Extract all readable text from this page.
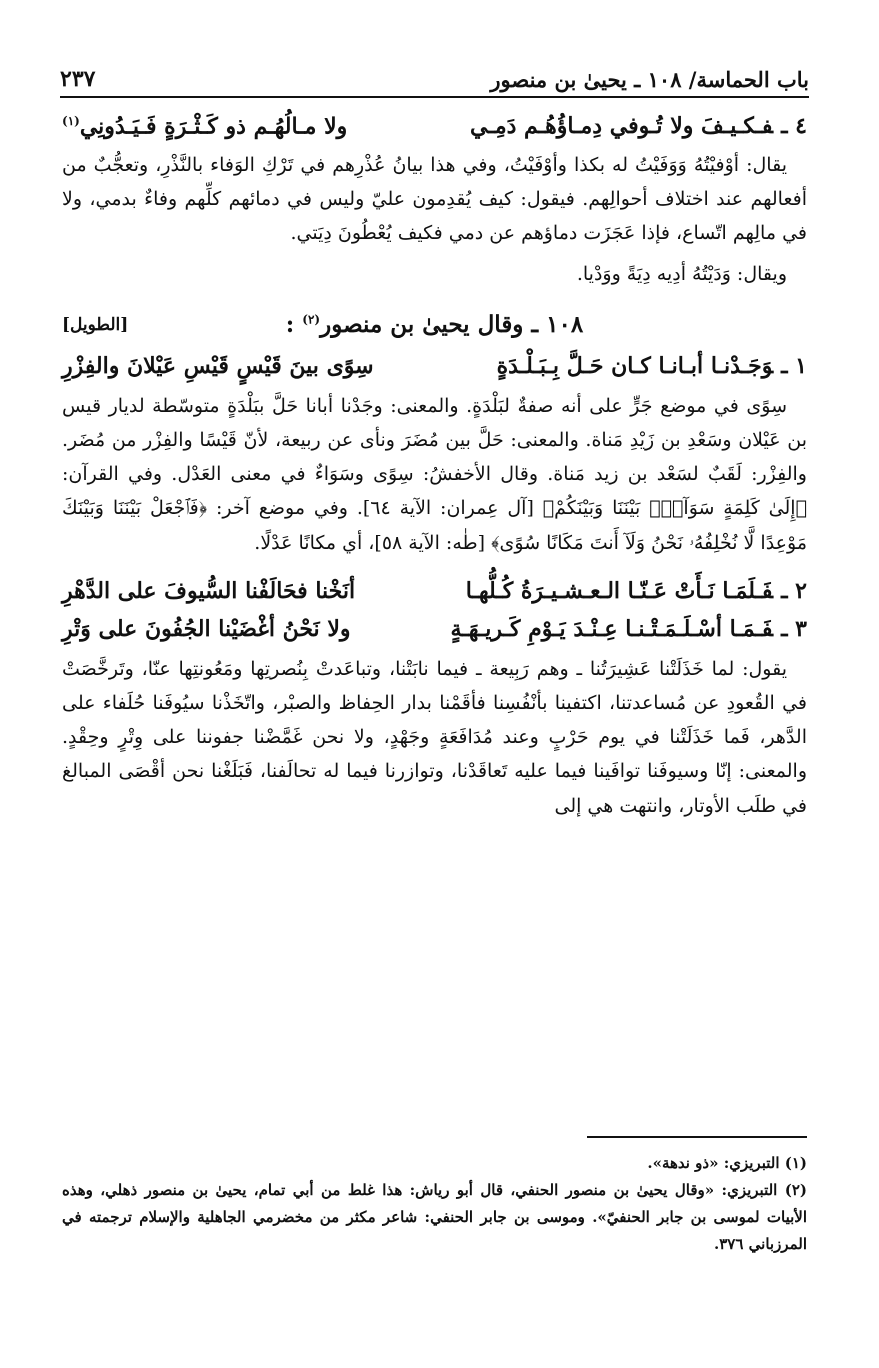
باب الحماسة/ ١٠٨ ـ يحيىٰ بن منصور
٢٣٧
٤ ـفـكـيـفَ ولا تُـوفي دِمـاؤُهُـم دَمِـي
ولا مـالُهُـم ذو كَـثْـرَةٍ فَـيَـدُونِي$^{(١)}$

يقال: أوْفيْتُهُ وَوَفَيْتُ له بكذا وأوْفَيْتُ، وفي هذا بيانُ عُذْرِهم في تَرْكِ الوَفاء بالنَّذْرِ، وتعجُّبٌ من أفعالهم عند اختلاف أحوالِهم. فيقول: كيف يُقدِمون عليّ وليس في دمائهم كلِّهم وفاءٌ بدمي، ولا في مالِهم اتّساع، فإذا عَجَزَت دماؤهم عن دمي فكيف يُعْطُونَ دِيَتي.

ويقال: وَدَيْتُهُ أدِيه دِيَةً ووَدْيا.

١٠٨ ـ وقال يحيىٰ بن منصور$^{(٢)}$ :
[الطويل]
١ ـوَجَـدْنـا أبـانـا كـان حَـلَّ بِـبَـلْـدَةٍ
سِوًى بينَ قَيْسٍ قَيْسِ عَيْلانَ والفِزْرِ

سِوًى في موضع جَرٍّ على أنه صفةٌ لبَلْدَةٍ. والمعنى: وجَدْنا أبانا حَلَّ ببَلْدَةٍ متوسّطة لديار قيس بن عَيْلان وسَعْدِ بن زَيْدِ مَناة. والمعنى: حَلَّ بين مُضَرَ ونأى عن ربيعة، لأنّ قَيْسًا والفِزْر من مُضَر. والفِزْر: لَقَبٌ لسَعْد بن زيد مَناة. وقال الأخفشُ: سِوًى وسَوَاءٌ في معنى العَدْل. وفي القرآن: ﴿إِلَىٰ كَلِمَةٍ سَوَآءِۭ بَيْنَنَا وَبَيْنَكُمْ﴾ [آل عِمران: الآية ٦٤]. وفي موضع آخر: ﴿فَٱجْعَلْ بَيْنَنَا وَبَيْنَكَ مَوْعِدًا لَّا نُخْلِفُهُۥ نَحْنُ وَلَآ أَنتَ مَكَانًا سُوًى﴾ [طٰه: الآية ٥٨]، أي مكانًا عَدْلًا.

٢ ـفَـلَمَـا نَـأَتْ عَـنّـا الـعـشـيـرَةُ كُـلُّهـا
أنَخْنا فحَالَفْنا السُّيوفَ على الدَّهْرِ
٣ ـفَـمَـا أسْـلَـمَـتْـنـا عِـنْـدَ يَـوْمِ كَـريـهَـةٍ
ولا نَحْنُ أغْضَيْنا الجُفُونَ على وَتْرِ

يقول: لما خَذَلَتْنا عَشِيرَتُنا ـ وهم رَبِيعة ـ فيما نابَتْنا، وتباعَدتْ بِنُصرتِها ومَعُونتِها عنّا، وتَرخَّصَتْ في القُعودِ عن مُساعدتنا، اكتفينا بأنْفُسِنا فأقَمْنا بدار الحِفاظ والصبْر، واتّخَذْنا سيُوفَنا حُلَفاء على الدَّهر، فَما خَذَلَتْنا في يوم حَرْبٍ وعند مُدَافَعَةٍ وجَهْدٍ، ولا نحن غَمَّضْنا جفوننا على وِتْرٍ وحِقْدٍ. والمعنى: إنّا وسيوفَنا توافَينا فيما عليه تَعاقَدْنا، وتوازرنا فيما له تحالَفنا، فَبَلَغْنا نحن أقْصَى المبالغ في طلَب الأوتار، وانتهت هي إلى

(١) التبريزي: «ذو ندهة».

(٢) التبريزي: «وقال يحيىٰ بن منصور الحنفي، قال أبو رياش: هذا غلط من أبي تمام، يحيىٰ بن منصور ذهلي، وهذه الأبيات لموسى بن جابر الحنفيّ». وموسى بن جابر الحنفي: شاعر مكثر من مخضرمي الجاهلية والإسلام ترجمته في المرزباني ٣٧٦.
